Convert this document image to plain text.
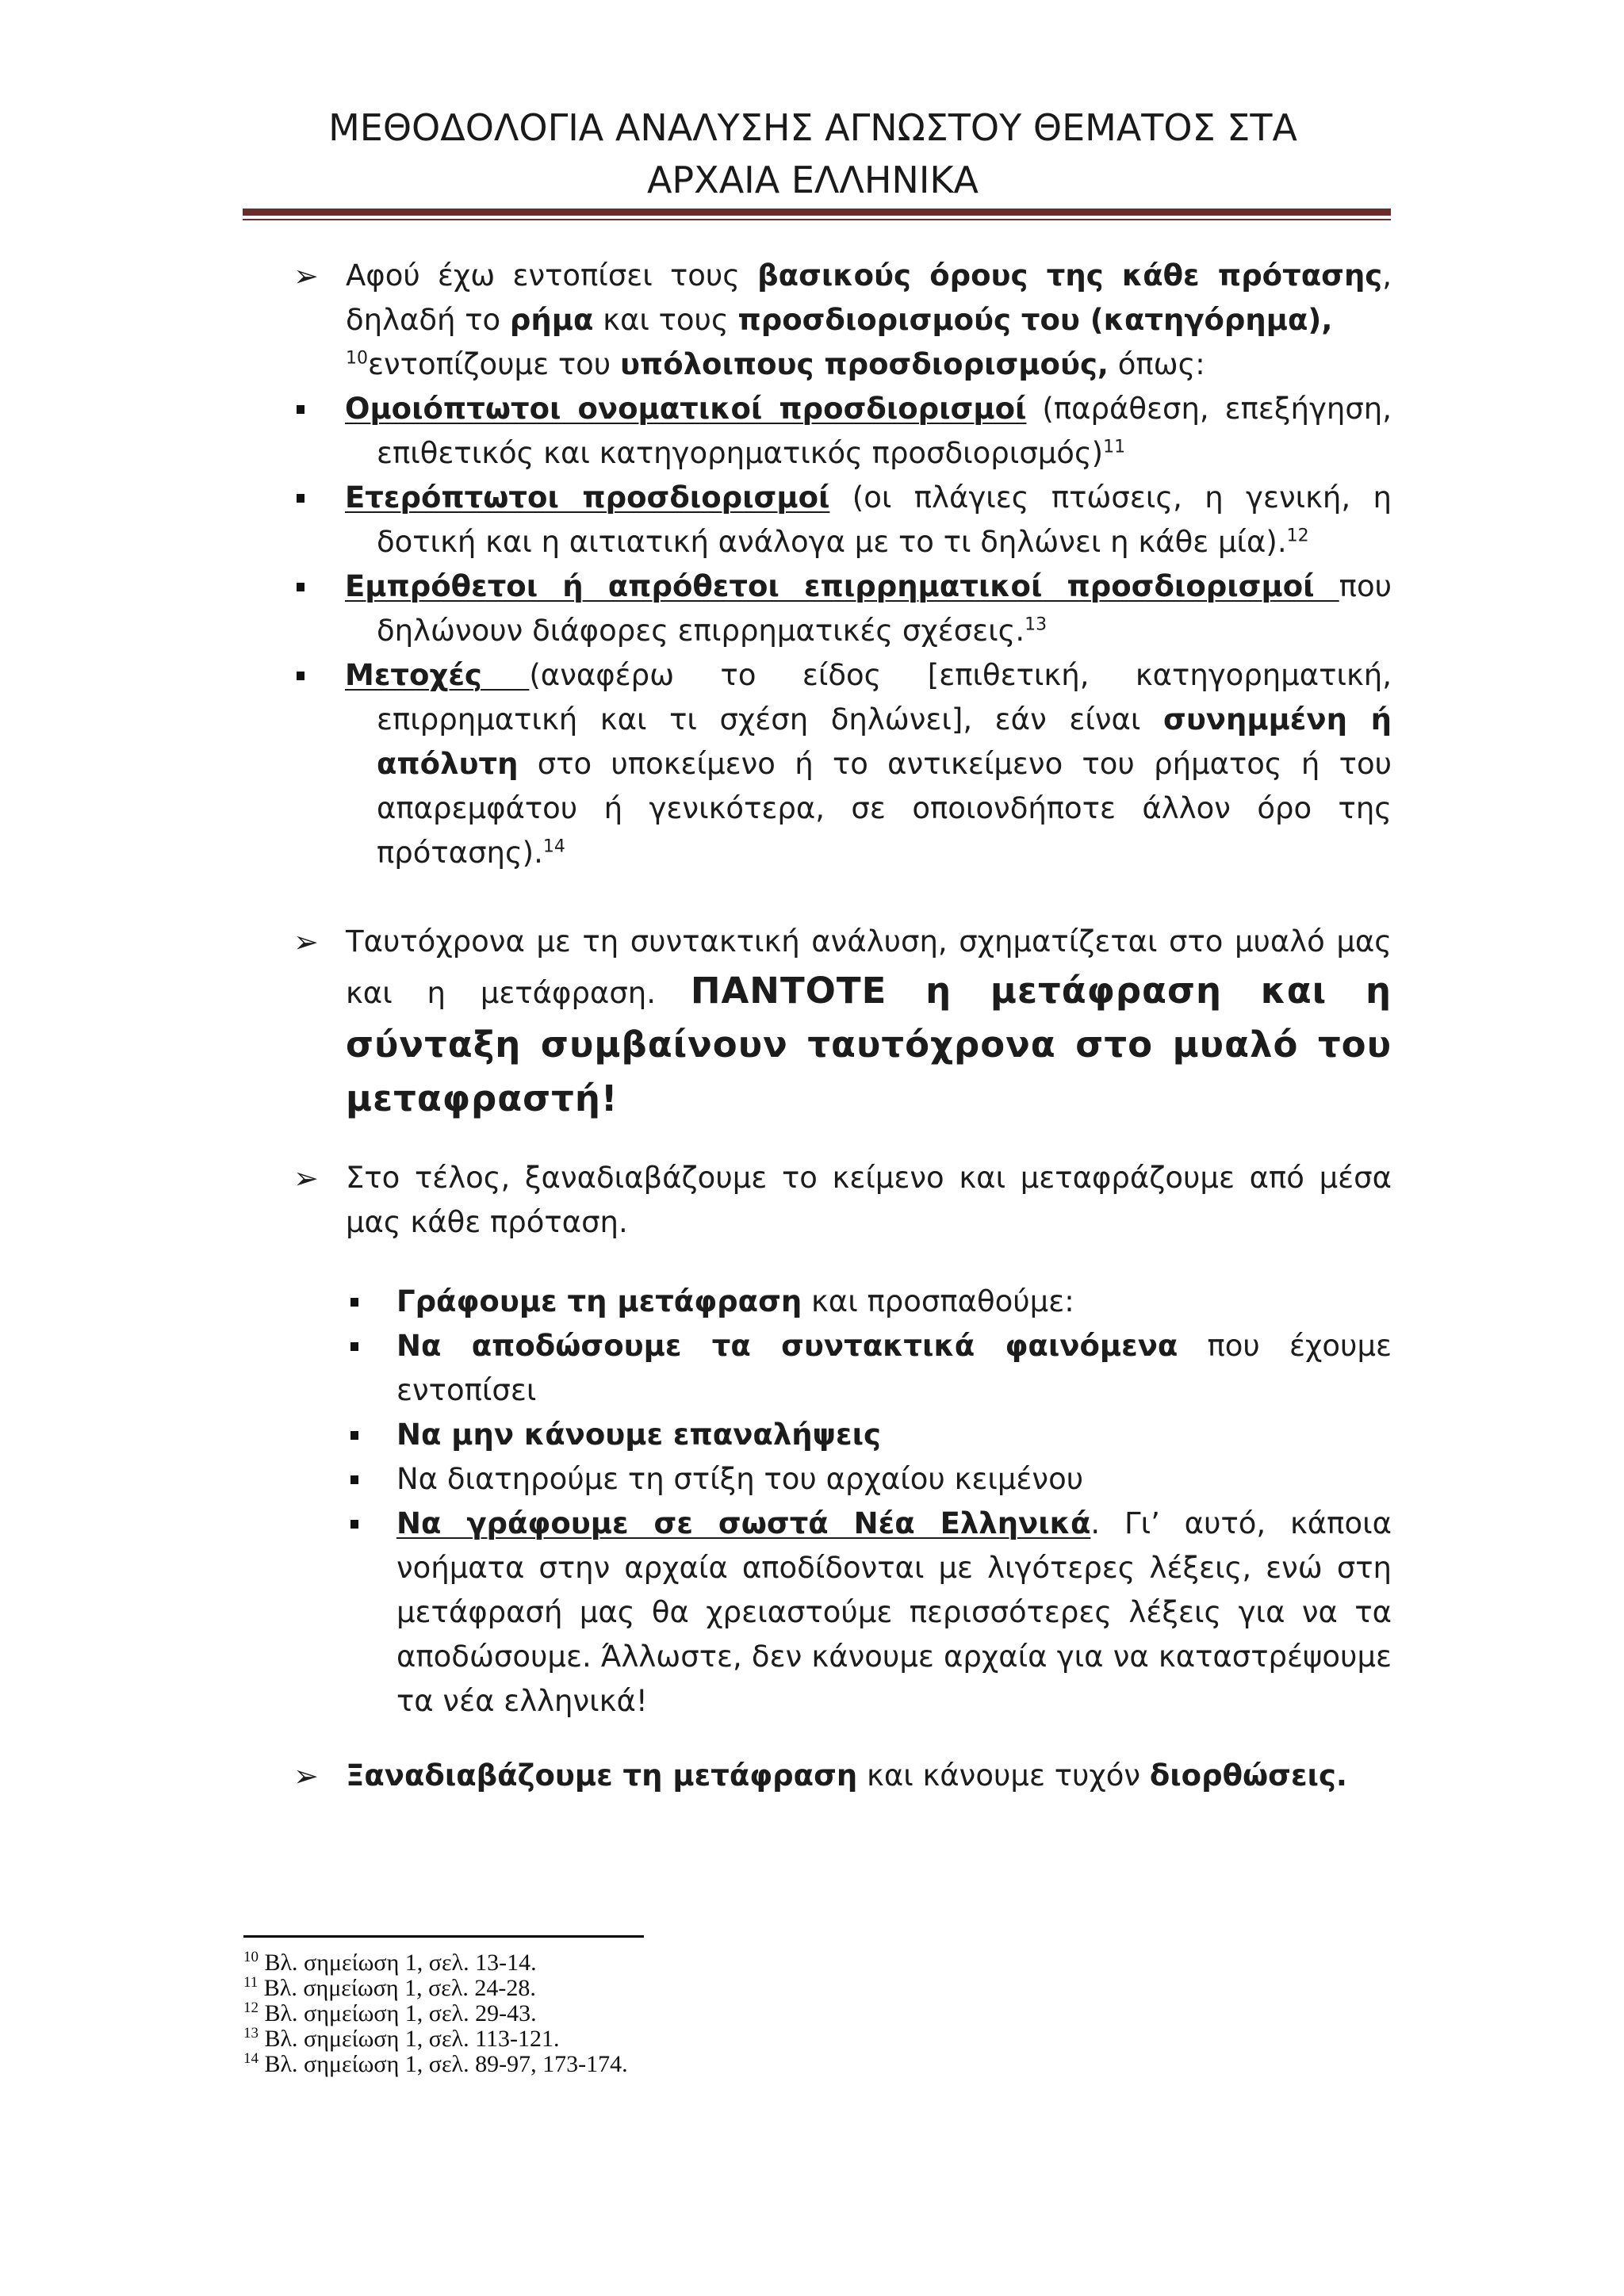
ΜΕΘΟΔΟΛΟΓΙΑ ΑΝΑΛΥΣΗΣ ΑΓΝΩΣΤΟΥ ΘΕΜΑΤΟΣ ΣΤΑ
ΑΡΧΑΙΑ ΕΛΛΗΝΙΚΑ
➢ Αφού έχω εντοπίσει τους βασικούς όρους της κάθε πρότασης, δηλαδή το ρήμα και τους προσδιορισμούς του (κατηγόρημα),
$^{10}$εντοπίζουμε του υπόλοιπους προσδιορισμούς, όπως:
Ομοιόπτωτοι ονοματικοί προσδιορισμοί (παράθεση, επεξήγηση, επιθετικός και κατηγορηματικός προσδιορισμός)$^{11}$
Ετερόπτωτοι προσδιορισμοί (οι πλάγιες πτώσεις, η γενική, η δοτική και η αιτιατική ανάλογα με το τι δηλώνει η κάθε μία).$^{12}$
Εμπρόθετοι ή απρόθετοι επιρρηματικοί προσδιορισμοί που δηλώνουν διάφορες επιρρηματικές σχέσεις.$^{13}$
Μετοχές (αναφέρω το είδος [επιθετική, κατηγορηματική, επιρρηματική και τι σχέση δηλώνει], εάν είναι συνημμένη ή απόλυτη στο υποκείμενο ή το αντικείμενο του ρήματος ή του απαρεμφάτου ή γενικότερα, σε οποιονδήποτε άλλον όρο της πρότασης).$^{14}$
➢ Ταυτόχρονα με τη συντακτική ανάλυση, σχηματίζεται στο μυαλό μας και η μετάφραση. ΠΑΝΤΟΤΕ η μετάφραση και η σύνταξη συμβαίνουν ταυτόχρονα στο μυαλό του μεταφραστή!
➢ Στο τέλος, ξαναδιαβάζουμε το κείμενο και μεταφράζουμε από μέσα μας κάθε πρόταση.
Γράφουμε τη μετάφραση και προσπαθούμε:
Να αποδώσουμε τα συντακτικά φαινόμενα που έχουμε εντοπίσει
Να μην κάνουμε επαναλήψεις
Να διατηρούμε τη στίξη του αρχαίου κειμένου
Να γράφουμε σε σωστά Νέα Ελληνικά. Γι’ αυτό, κάποια νοήματα στην αρχαία αποδίδονται με λιγότερες λέξεις, ενώ στη μετάφρασή μας θα χρειαστούμε περισσότερες λέξεις για να τα αποδώσουμε. Άλλωστε, δεν κάνουμε αρχαία για να καταστρέψουμε τα νέα ελληνικά!
➢ Ξαναδιαβάζουμε τη μετάφραση και κάνουμε τυχόν διορθώσεις.
$^{10}$ Βλ. σημείωση 1, σελ. 13-14.
$^{11}$ Βλ. σημείωση 1, σελ. 24-28.
$^{12}$ Βλ. σημείωση 1, σελ. 29-43.
$^{13}$ Βλ. σημείωση 1, σελ. 113-121.
$^{14}$ Βλ. σημείωση 1, σελ. 89-97, 173-174.
